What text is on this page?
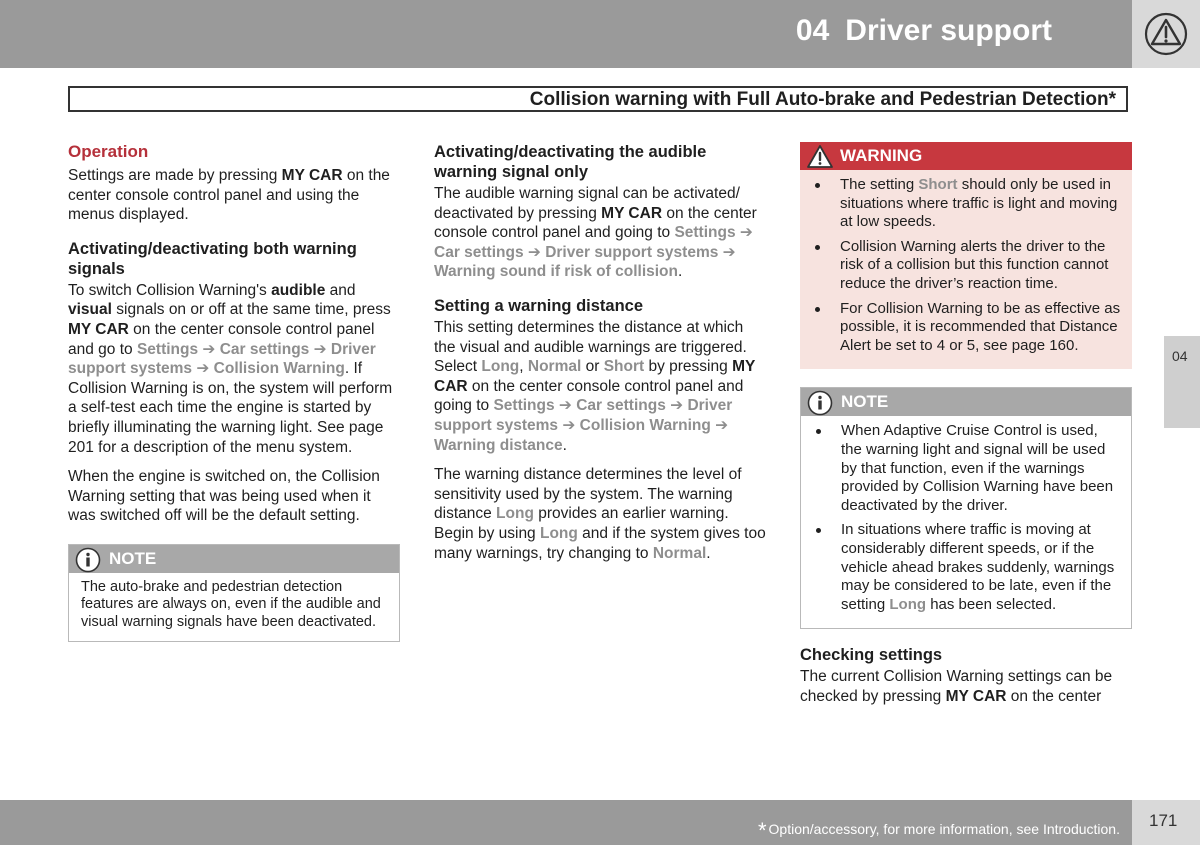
04 Driver support
Collision warning with Full Auto-brake and Pedestrian Detection*
Operation

Settings are made by pressing MY CAR on the center console control panel and using the menus displayed.

Activating/deactivating both warning signals

To switch Collision Warning's audible and visual signals on or off at the same time, press MY CAR on the center console control panel and go to Settings ➔ Car settings ➔ Driver support systems ➔ Collision Warning. If Collision Warning is on, the system will perform a self-test each time the engine is started by briefly illuminating the warning light. See page 201 for a description of the menu system.

When the engine is switched on, the Collision Warning setting that was being used when it was switched off will be the default setting.

NOTE
The auto-brake and pedestrian detection features are always on, even if the audible and visual warning signals have been deactivated.
Activating/deactivating the audible warning signal only

The audible warning signal can be activated/ deactivated by pressing MY CAR on the center console control panel and going to Settings ➔ Car settings ➔ Driver support systems ➔ Warning sound if risk of collision.

Setting a warning distance

This setting determines the distance at which the visual and audible warnings are triggered. Select Long, Normal or Short by pressing MY CAR on the center console control panel and going to Settings ➔ Car settings ➔ Driver support systems ➔ Collision Warning ➔ Warning distance.

The warning distance determines the level of sensitivity used by the system. The warning distance Long provides an earlier warning. Begin by using Long and if the system gives too many warnings, try changing to Normal.

WARNING
The setting Short should only be used in situations where traffic is light and moving at low speeds.
Collision Warning alerts the driver to the risk of a collision but this function cannot reduce the driver’s reaction time.
For Collision Warning to be as effective as possible, it is recommended that Distance Alert be set to 4 or 5, see page 160.
NOTE
When Adaptive Cruise Control is used, the warning light and signal will be used by that function, even if the warnings provided by Collision Warning have been deactivated by the driver.
In situations where traffic is moving at considerably different speeds, or if the vehicle ahead brakes suddenly, warnings may be considered to be late, even if the setting Long has been selected.
Checking settings

The current Collision Warning settings can be checked by pressing MY CAR on the center

04
* Option/accessory, for more information, see Introduction. 171
